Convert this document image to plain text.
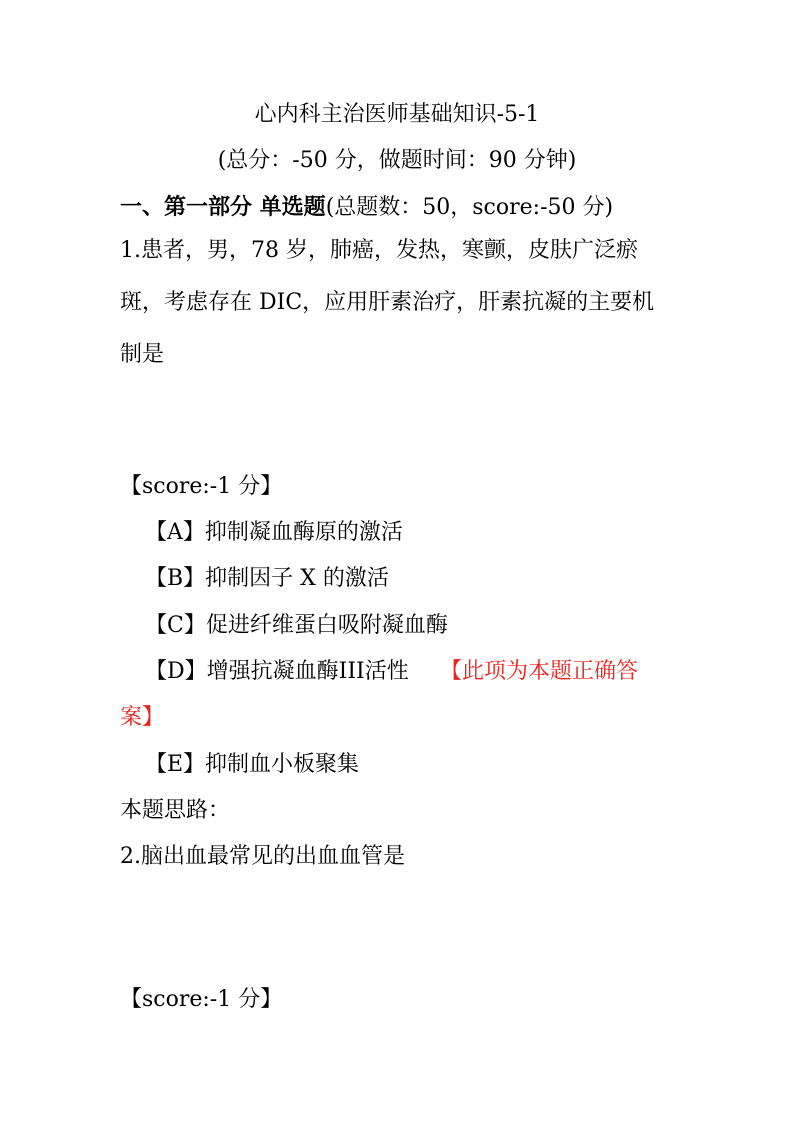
心内科主治医师基础知识-5-1
(总分：-50 分，做题时间：90 分钟)
一、第一部分 单选题(总题数：50，score:-50 分)
1.患者，男，78 岁，肺癌，发热，寒颤，皮肤广泛瘀斑，考虑存在 DIC，应用肝素治疗，肝素抗凝的主要机制是
【score:-1 分】
【A】抑制凝血酶原的激活
【B】抑制因子 X 的激活
【C】促进纤维蛋白吸附凝血酶
【D】增强抗凝血酶III活性 【此项为本题正确答
案】
【E】抑制血小板聚集
本题思路：
2.脑出血最常见的出血血管是
【score:-1 分】
